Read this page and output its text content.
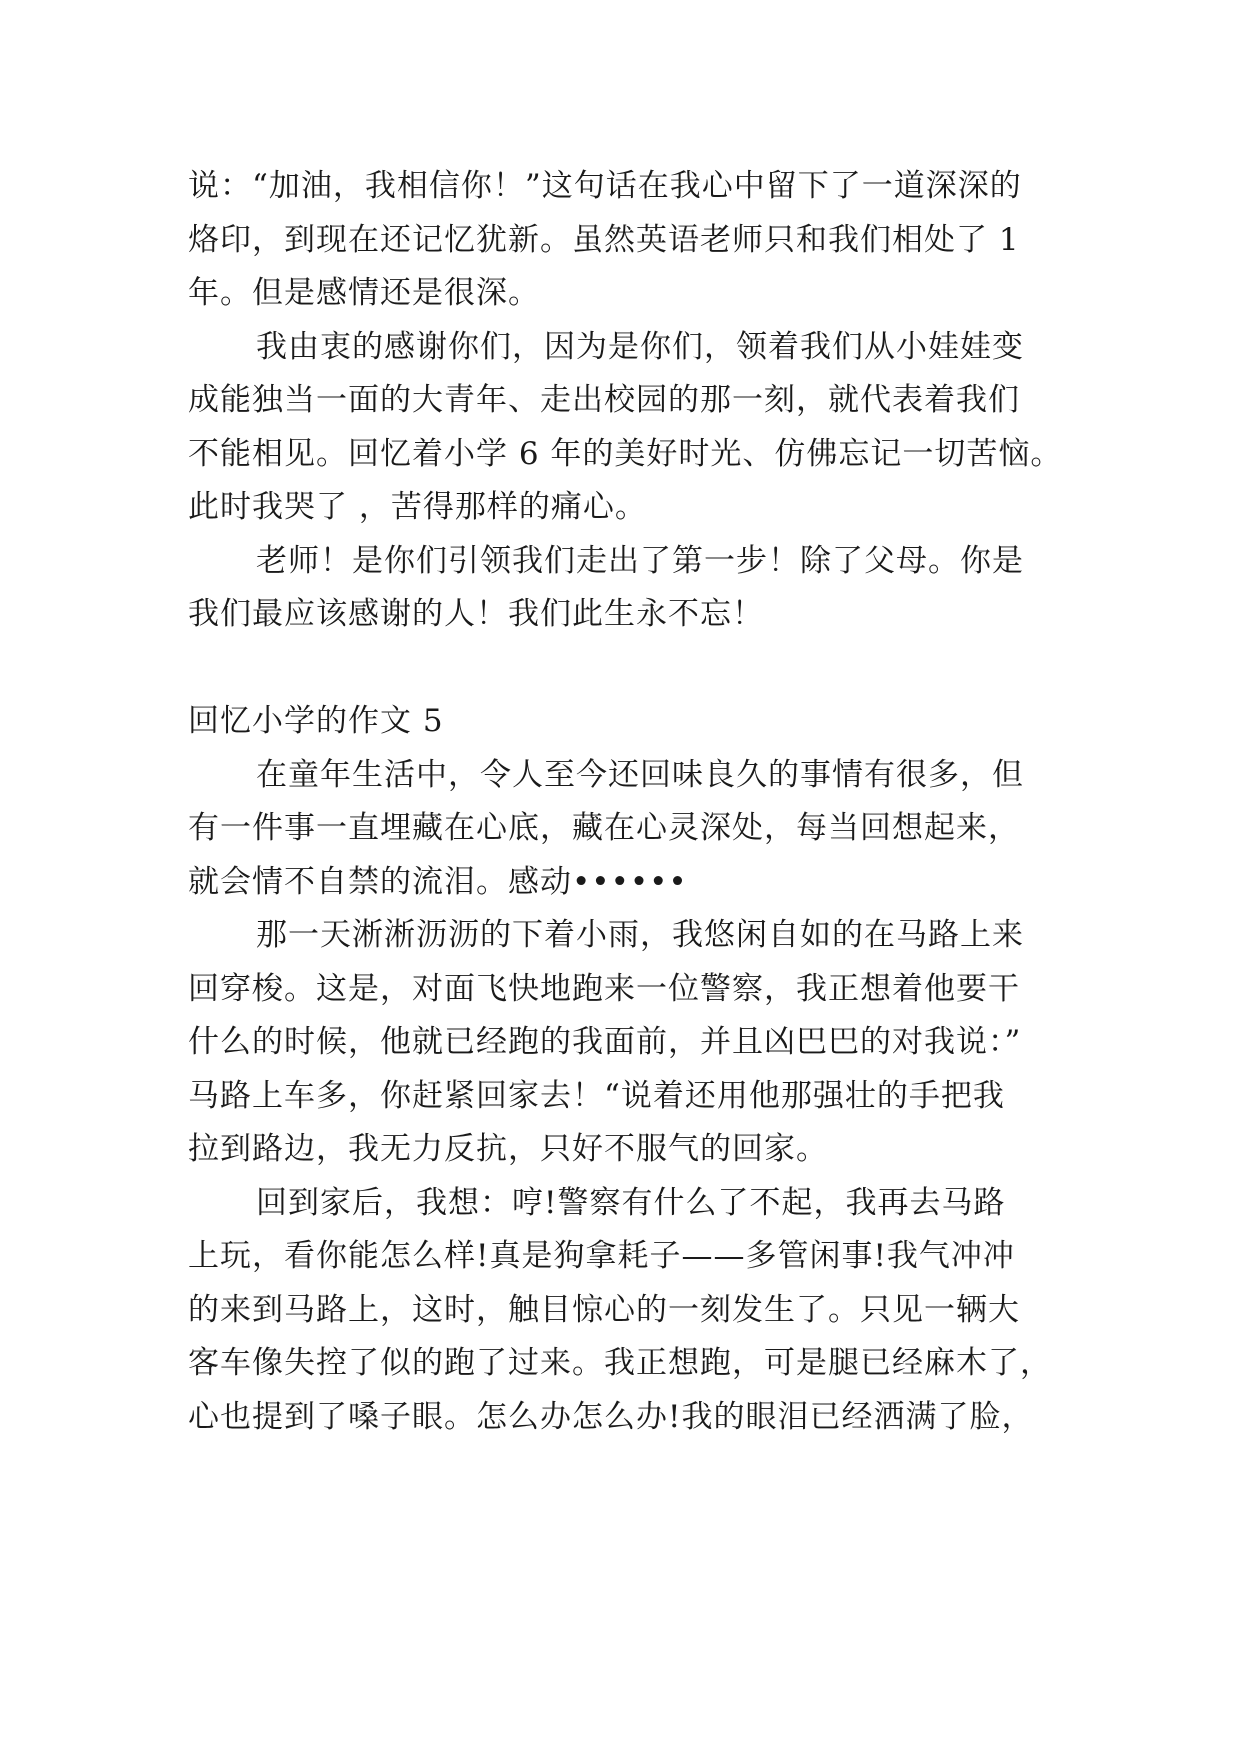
说：“加油，我相信你！”这句话在我心中留下了一道深深的
烙印，到现在还记忆犹新。虽然英语老师只和我们相处了 1
年。但是感情还是很深。
我由衷的感谢你们，因为是你们，领着我们从小娃娃变
成能独当一面的大青年、走出校园的那一刻，就代表着我们
不能相见。回忆着小学 6 年的美好时光、仿佛忘记一切苦恼。
此时我哭了 ，苦得那样的痛心。
老师！是你们引领我们走出了第一步！除了父母。你是
我们最应该感谢的人！我们此生永不忘！
回忆小学的作文 5
在童年生活中，令人至今还回味良久的事情有很多，但
有一件事一直埋藏在心底，藏在心灵深处，每当回想起来，
就会情不自禁的流泪。感动••••••
那一天淅淅沥沥的下着小雨，我悠闲自如的在马路上来
回穿梭。这是，对面飞快地跑来一位警察，我正想着他要干
什么的时候，他就已经跑的我面前，并且凶巴巴的对我说：”
马路上车多，你赶紧回家去！“说着还用他那强壮的手把我
拉到路边，我无力反抗，只好不服气的回家。
回到家后，我想：哼!警察有什么了不起，我再去马路
上玩，看你能怎么样!真是狗拿耗子——多管闲事!我气冲冲
的来到马路上，这时，触目惊心的一刻发生了。只见一辆大
客车像失控了似的跑了过来。我正想跑，可是腿已经麻木了，
心也提到了嗓子眼。怎么办怎么办!我的眼泪已经洒满了脸，
